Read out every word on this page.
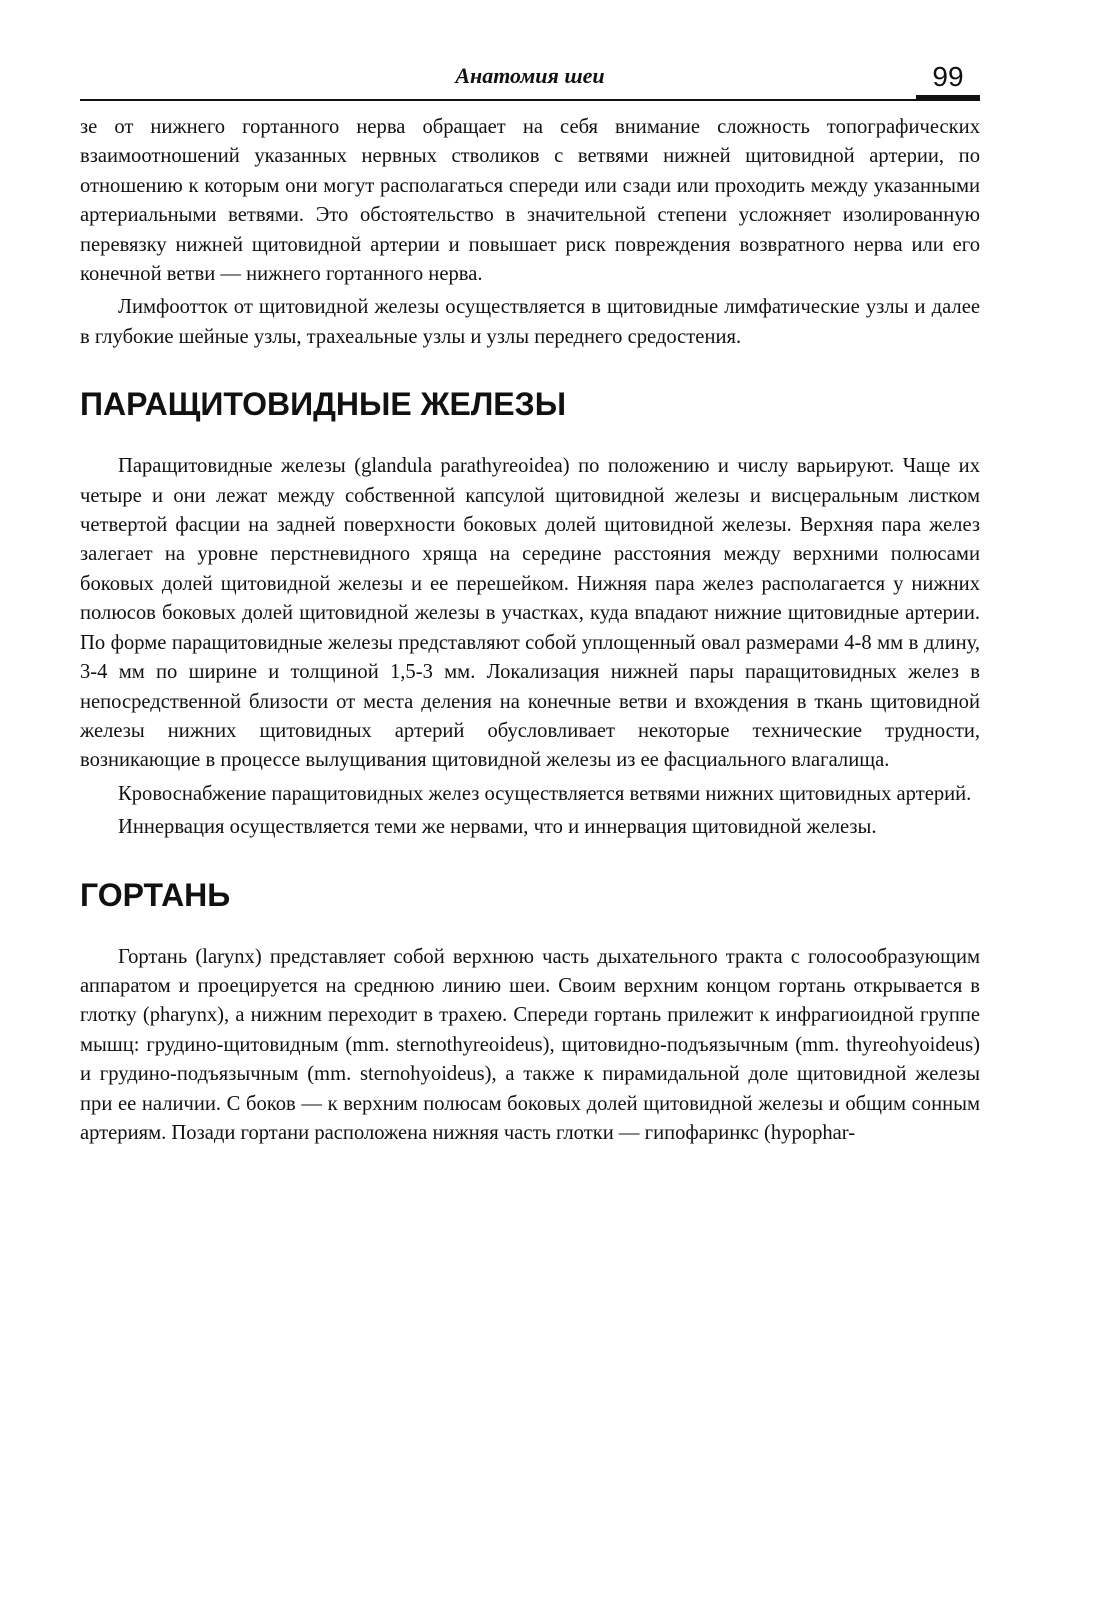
Анатомия шеи	99

зе от нижнего гортанного нерва обращает на себя внимание сложность топографических взаимоотношений указанных нервных стволиков с ветвями нижней щитовидной артерии, по отношению к которым они могут располагаться спереди или сзади или проходить между указанными артериальными ветвями. Это обстоятельство в значительной степени усложняет изолированную перевязку нижней щитовидной артерии и повышает риск повреждения возвратного нерва или его конечной ветви — нижнего гортанного нерва.

Лимфоотток от щитовидной железы осуществляется в щитовидные лимфатические узлы и далее в глубокие шейные узлы, трахеальные узлы и узлы переднего средостения.

ПАРАЩИТОВИДНЫЕ ЖЕЛЕЗЫ

Паращитовидные железы (glandula parathyreoidea) по положению и числу варьируют. Чаще их четыре и они лежат между собственной капсулой щитовидной железы и висцеральным листком четвертой фасции на задней поверхности боковых долей щитовидной железы. Верхняя пара желез залегает на уровне перстневидного хряща на середине расстояния между верхними полюсами боковых долей щитовидной железы и ее перешейком. Нижняя пара желез располагается у нижних полюсов боковых долей щитовидной железы в участках, куда впадают нижние щитовидные артерии. По форме паращитовидные железы представляют собой уплощенный овал размерами 4-8 мм в длину, 3-4 мм по ширине и толщиной 1,5-3 мм. Локализация нижней пары паращитовидных желез в непосредственной близости от места деления на конечные ветви и вхождения в ткань щитовидной железы нижних щитовидных артерий обусловливает некоторые технические трудности, возникающие в процессе вылущивания щитовидной железы из ее фасциального влагалища.

Кровоснабжение паращитовидных желез осуществляется ветвями нижних щитовидных артерий.

Иннервация осуществляется теми же нервами, что и иннервация щитовидной железы.

ГОРТАНЬ

Гортань (larynx) представляет собой верхнюю часть дыхательного тракта с голосообразующим аппаратом и проецируется на среднюю линию шеи. Своим верхним концом гортань открывается в глотку (pharynx), а нижним переходит в трахею. Спереди гортань прилежит к инфрагиоидной группе мышц: грудино-щитовидным (mm. sternothyreoideus), щитовидно-подъязычным (mm. thyreohyoideus) и грудино-подъязычным (mm. sternohyoideus), а также к пирамидальной доле щитовидной железы при ее наличии. С боков — к верхним полюсам боковых долей щитовидной железы и общим сонным артериям. Позади гортани расположена нижняя часть глотки — гипофаринкс (hypophar-
